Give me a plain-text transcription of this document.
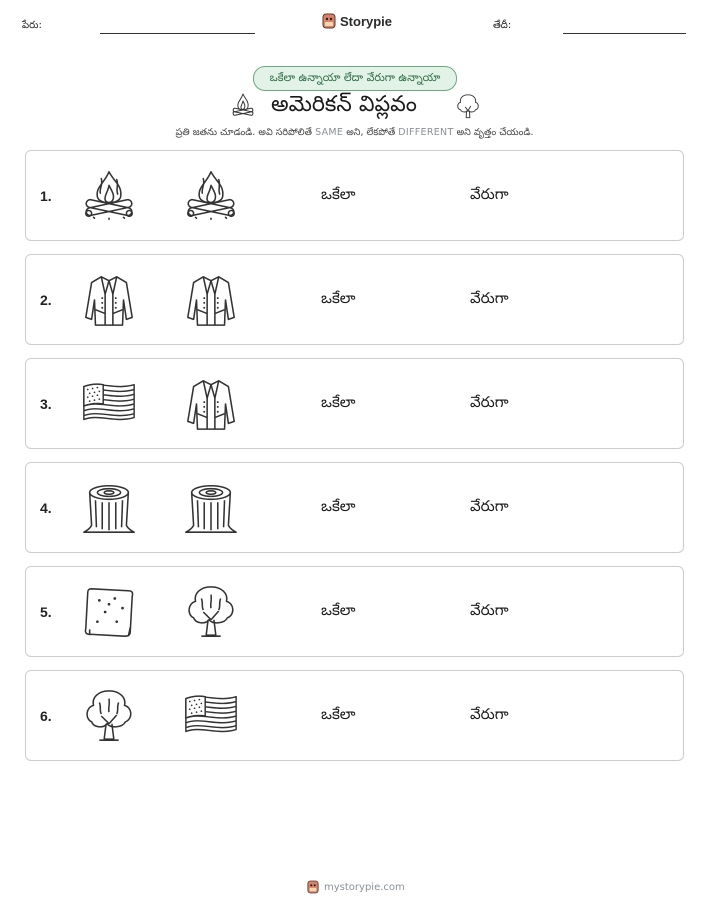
పేరు:	Storypie	తేదీ:
ఒకేలా ఉన్నాయా లేదా వేరుగా ఉన్నాయా
అమెరికన్ విప్లవం
ప్రతి జతను చూడండి. అవి సరిపోలితే SAME అని, లేకపోతే DIFFERENT అని వృత్తం చేయండి.
1.	ఒకేలా	వేరుగా
2.	ఒకేలా	వేరుగా
3.	ఒకేలా	వేరుగా
4.	ఒకేలా	వేరుగా
5.	ఒకేలా	వేరుగా
6.	ఒకేలా	వేరుగా
mystorypie.com
